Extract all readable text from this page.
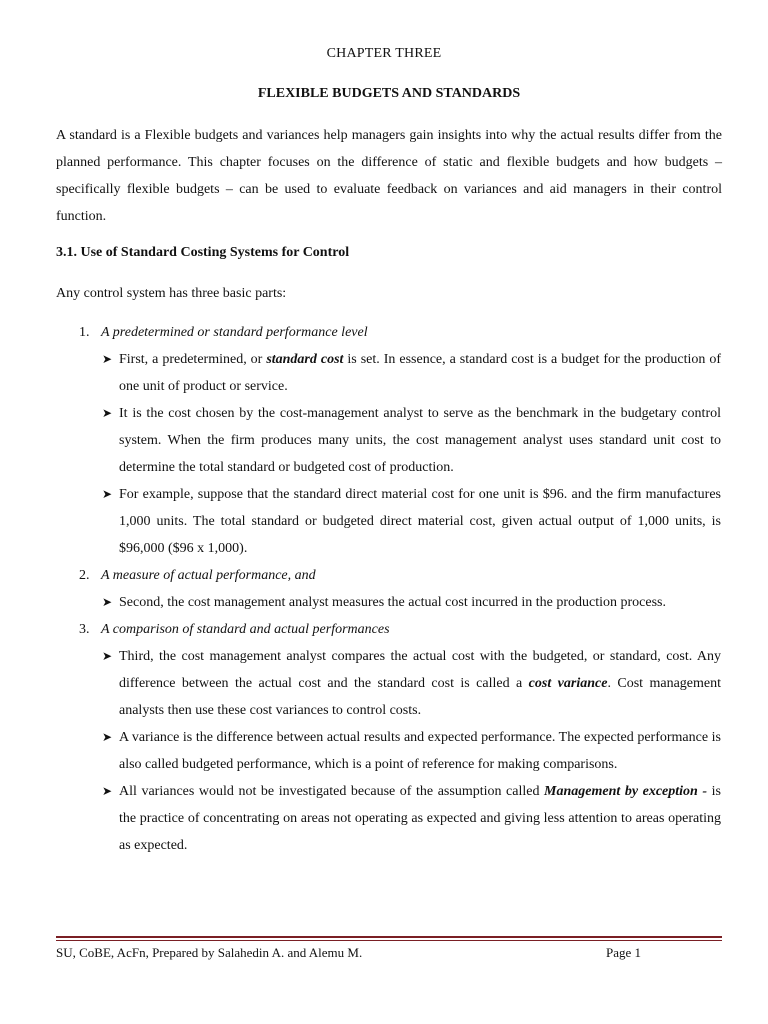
CHAPTER THREE
FLEXIBLE BUDGETS AND STANDARDS

A standard is a Flexible budgets and variances help managers gain insights into why the actual results differ from the planned performance. This chapter focuses on the difference of static and flexible budgets and how budgets –specifically flexible budgets – can be used to evaluate feedback on variances and aid managers in their control function.

3.1. Use of Standard Costing Systems for Control

Any control system has three basic parts:

1. A predetermined or standard performance level
➤ First, a predetermined, or standard cost is set. In essence, a standard cost is a budget for the production of one unit of product or service.
➤ It is the cost chosen by the cost-management analyst to serve as the benchmark in the budgetary control system. When the firm produces many units, the cost management analyst uses standard unit cost to determine the total standard or budgeted cost of production.
➤ For example, suppose that the standard direct material cost for one unit is $96. and the firm manufactures 1,000 units. The total standard or budgeted direct material cost, given actual output of 1,000 units, is $96,000 ($96 x 1,000).
2. A measure of actual performance, and
➤ Second, the cost management analyst measures the actual cost incurred in the production process.
3. A comparison of standard and actual performances
➤ Third, the cost management analyst compares the actual cost with the budgeted, or standard, cost. Any difference between the actual cost and the standard cost is called a cost variance. Cost management analysts then use these cost variances to control costs.
➤ A variance is the difference between actual results and expected performance. The expected performance is also called budgeted performance, which is a point of reference for making comparisons.
➤ All variances would not be investigated because of the assumption called Management by exception - is the practice of concentrating on areas not operating as expected and giving less attention to areas operating as expected.
SU, CoBE, AcFn, Prepared by Salahedin A. and Alemu M.	Page 1
